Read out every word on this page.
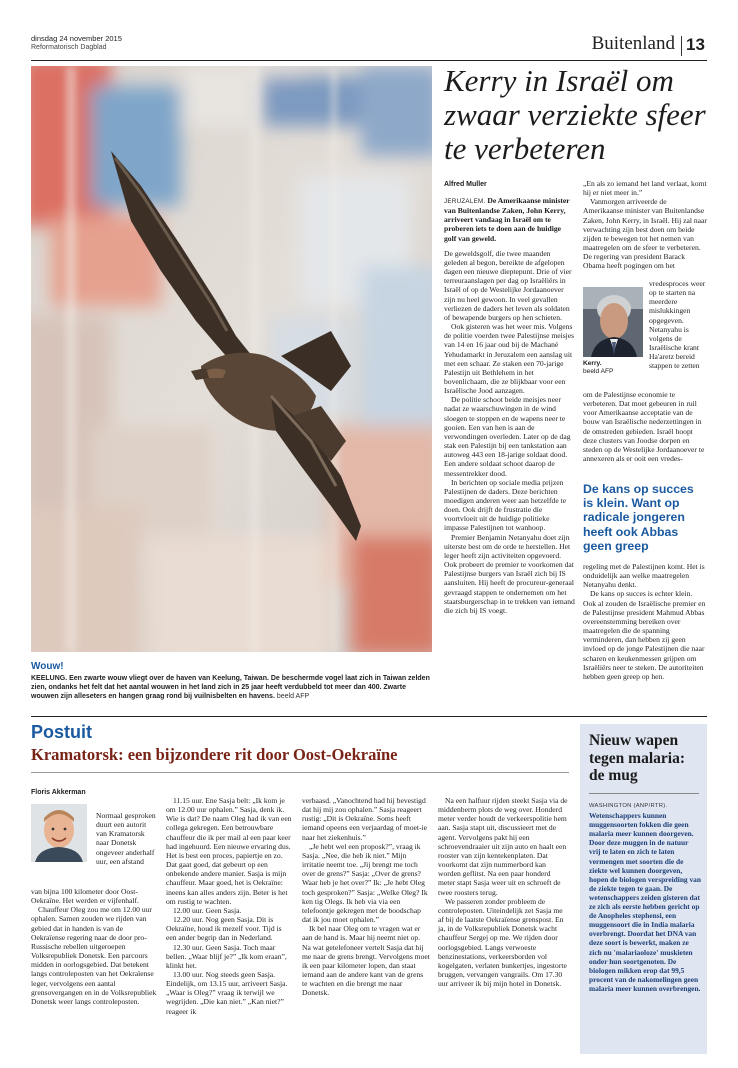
dinsdag 24 november 2015
Reformatorisch Dagblad	Buitenland 13
Wouw!
KEELUNG. Een zwarte wouw vliegt over de haven van Keelung, Taiwan. De beschermde vogel laat zich in Taiwan zelden zien, ondanks het felt dat het aantal wouwen in het land zich in 25 jaar heeft verdubbeld tot meer dan 400. Zwarte wouwen zijn alleseters en hangen graag rond bij vuilnisbelten en havens. beeld AFP
Kerry in Israël om zwaar verziekte sfeer te verbeteren
Alfred Muller

JERUZALEM. De Amerikaanse minister van Buitenlandse Zaken, John Kerry, arriveert vandaag in Israël om te proberen iets te doen aan de huidige golf van geweld.

De geweldsgolf, die twee maanden geleden al begon, bereikte de afgelopen dagen een nieuwe dieptepunt. Drie of vier terreuraanslagen per dag op Israëliërs in Israël of op de Westelijke Jordaanoever zijn nu heel gewoon. In veel gevallen verliezen de daders het leven als soldaten of bewapende burgers op hen schieten.

Ook gisteren was het weer mis. Volgens de politie voerden twee Palestijnse meisjes van 14 en 16 jaar oud bij de Machané Yehudamarkt in Jeruzalem een aanslag uit met een schaar. Ze staken een 70-jarige Palestijn uit Bethlehem in het bovenlichaam, die ze blijkbaar voor een Israëlische Jood aanzagen.

De politie schoot beide meisjes neer nadat ze waarschuwingen in de wind sloegen te stoppen en de wapens neer te gooien. Een van hen is aan de verwondingen overleden. Later op de dag stak een Palestijn bij een tankstation aan autoweg 443 een 18-jarige soldaat dood. Een andere soldaat schoot daarop de messentrekker dood.

In berichten op sociale media prijzen Palestijnen de daders. Deze berichten moedigen anderen weer aan hetzelfde te doen. Ook drijft de frustratie die voortvloeit uit de huidige politieke impasse Palestijnen tot wanhoop.

Premier Benjamin Netanyahu doet zijn uiterste best om de orde te herstellen. Het leger heeft zijn activiteiten opgevoerd. Ook probeert de premier te voorkomen dat Palestijnse burgers van Israël zich bij IS aansluiten. Hij heeft de procureur-generaal gevraagd stappen te ondernemen om het staatsburgerschap in te trekken van iemand die zich bij IS voegt.

„En als zo iemand het land verlaat, komt hij er niet meer in.”

Vanmorgen arriveerde de Amerikaanse minister van Buitenlandse Zaken, John Kerry, in Israël. Hij zal naar verwachting zijn best doen om beide zijden te bewegen tot het nemen van maatregelen om de sfeer te verbeteren. De regering van president Barack Obama heeft pogingen om het

Kerry.
beeld AFP
vredesproces weer op te starten na meerdere mislukkingen opgegeven. Netanyahu is volgens de Israëlische krant Ha'aretz bereid stappen te zetten
om de Palestijnse economie te verbeteren. Dat moet gebeuren in ruil voor Amerikaanse acceptatie van de bouw van Israëlische nederzettingen in de omstreden gebieden. Israël hoopt deze clusters van Joodse dorpen en steden op de Westelijke Jordaanoever te annexeren als er ooit een vredes-
De kans op succes is klein. Want op radicale jongeren heeft ook Abbas geen greep

regeling met de Palestijnen komt. Het is onduidelijk aan welke maatregelen Netanyahu denkt.

De kans op succes is echter klein. Ook al zouden de Israëlische premier en de Palestijnse president Mahmud Abbas overeenstemming bereiken over maatregelen die de spanning verminderen, dan hebben zij geen invloed op de jonge Palestijnen die naar scharen en keukenmessen grijpen om Israëliërs neer te steken. De autoriteiten hebben geen greep op hen.

Postuit
Kramatorsk: een bijzondere rit door Oost-Oekraïne
Floris Akkerman
Normaal gesproken duurt een autorit van Kramatorsk naar Donetsk ongeveer anderhalf uur, een afstand

van bijna 100 kilometer door Oost-Oekraïne. Het werden er vijfenhalf.

Chauffeur Oleg zou me om 12.00 uur ophalen. Samen zouden we rijden van gebied dat in handen is van de Oekraïense regering naar de door pro-Russische rebellen uitgeroepen Volksrepubliek Donetsk. Een parcours midden in oorlogsgebied. Dat betekent langs controleposten van het Oekraïense leger, vervolgens een aantal grensovergangen en in de Volksrepubliek Donetsk weer langs controleposten.

11.15 uur. Ene Sasja belt: „Ik kom je om 12.00 uur ophalen.” Sasja, denk ik. Wie is dat? De naam Oleg had ik van een collega gekregen. Een betrouwbare chauffeur die ik per mail al een paar keer had ingehuurd. Een nieuwe ervaring dus. Het is best een proces, papiertje en zo. Dat gaat goed, dat gebeurt op een onbekende andere manier. Sasja is mijn chauffeur. Maar goed, het is Oekraïne: ineens kan alles anders zijn. Beter is het om rustig te wachten.

12.00 uur. Geen Sasja.

12.20 uur. Nog geen Sasja. Dit is Oekraïne, houd ik mezelf voor. Tijd is een ander begrip dan in Nederland.

12.30 uur. Geen Sasja. Toch maar bellen. „Waar blijf je?” „Ik kom eraan”, klinkt het.

13.00 uur. Nog steeds geen Sasja. Eindelijk, om 13.15 uur, arriveert Sasja. „Waar is Oleg?” vraag ik terwijl we wegrijden. „Die kan niet.” „Kan niet?” reageer ik

verbaasd. „Vanochtend had hij bevestigd dat hij mij zou ophalen.” Sasja reageert rustig: „Dit is Oekraïne. Soms heeft iemand opeens een verjaardag of moet-ie naar het ziekenhuis.”

„Je hebt wel een proposk?”, vraag ik Sasja. „Nee, die heb ik niet.” Mijn irritatie neemt toe. „Jij brengt me toch over de grens?” Sasja: „Over de grens? Waar heb je het over?” Ik: „Je hebt Oleg toch gesproken?” Sasja: „Welke Oleg? Ik ken tig Olegs. Ik heb via via een telefoontje gekregen met de boodschap dat ik jou moet ophalen.”

Ik bel naar Oleg om te vragen wat er aan de hand is. Maar hij neemt niet op. Na wat getelefoneer vertelt Sasja dat hij me naar de grens brengt. Vervolgens moet ik een paar kilometer lopen, dan staat iemand aan de andere kant van de grens te wachten en die brengt me naar Donetsk.

Na een halfuur rijden steekt Sasja via de middenberm plots de weg over. Honderd meter verder houdt de verkeerspolitie hem aan. Sasja stapt uit, discussieert met de agent. Vervolgens pakt hij een schroevendraaier uit zijn auto en haalt een rooster van zijn kentekenplaten. Dat voorkomt dat zijn nummerbord kan worden geflitst. Na een paar honderd meter stapt Sasja weer uit en schroeft de twee roosters terug.

We passeren zonder probleem de controleposten. Uiteindelijk zet Sasja me af bij de laatste Oekraïense grenspost. En ja, in de Volksrepubliek Donetsk wacht chauffeur Sergej op me. We rijden door oorlogsgebied. Langs verwoeste benzinestations, verkeersborden vol kogelgaten, verlaten bunkertjes, ingestorte bruggen, vervangen vangrails. Om 17.30 uur arriveer ik bij mijn hotel in Donetsk.

Nieuw wapen tegen malaria: de mug
WASHINGTON (ANP/RTR). Wetenschappers kunnen muggensoorten fokken die geen malaria meer kunnen doorgeven. Door deze muggen in de natuur vrij te laten en zich te laten vermengen met soorten die de ziekte wel kunnen doorgeven, hopen de biologen verspreiding van de ziekte tegen te gaan. De wetenschappers zeiden gisteren dat ze zich als eerste hebben gericht op de Anopheles stephensi, een muggensoort die in India malaria overbrengt. Doordat het DNA van deze soort is bewerkt, maken ze zich nu 'malariaoloze' muskieten onder hun soortgenoten. De biologen mikken erop dat 99,5 procent van de nakomelingen geen malaria meer kunnen overbrengen.
